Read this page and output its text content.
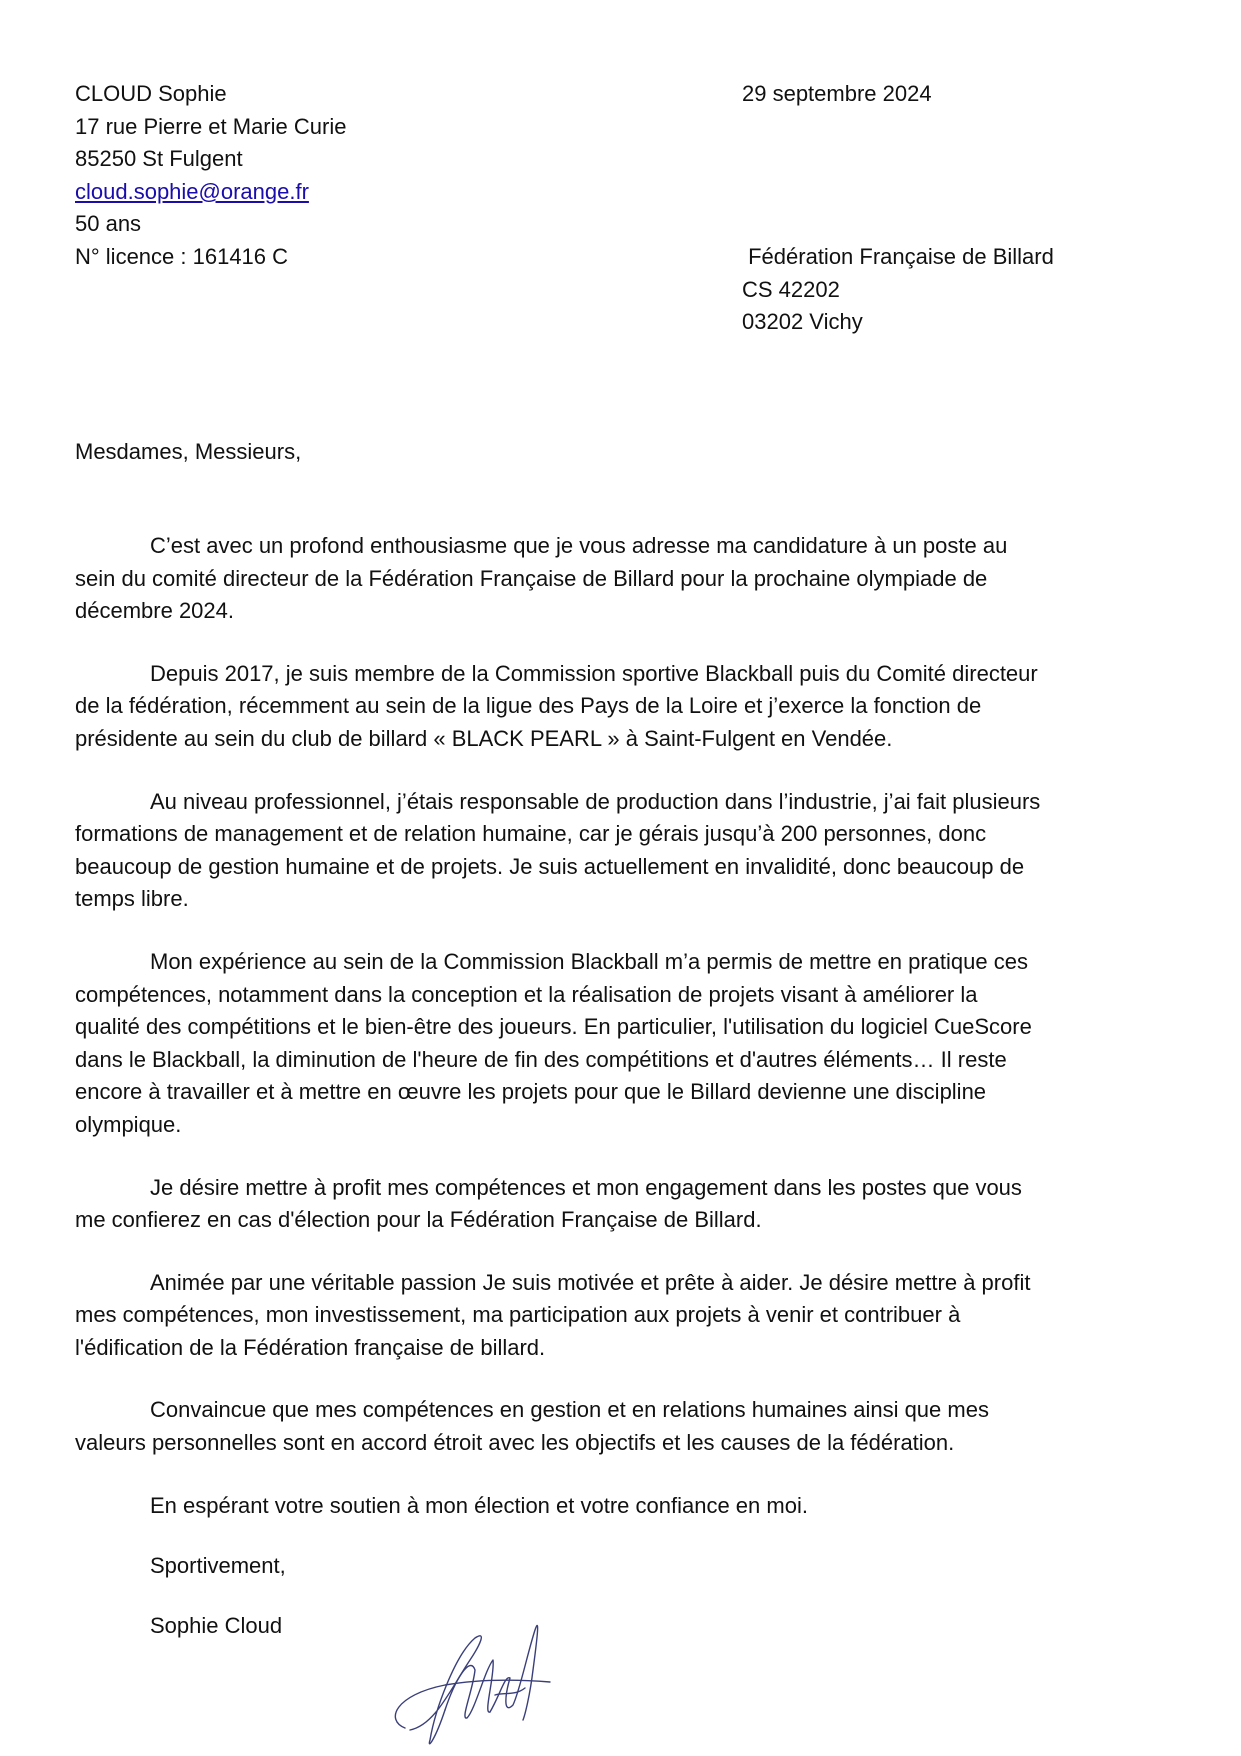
CLOUD Sophie
17 rue Pierre et Marie Curie
85250 St Fulgent
cloud.sophie@orange.fr
50 ans
N° licence : 161416 C
29 septembre 2024
Fédération Française de Billard
CS 42202
03202 Vichy

Mesdames, Messieurs,

C’est avec un profond enthousiasme que je vous adresse ma candidature à un poste au

sein du comité directeur de la Fédération Française de Billard pour la prochaine olympiade de

décembre 2024.

Depuis 2017, je suis membre de la Commission sportive Blackball puis du Comité directeur

de la fédération, récemment au sein de la ligue des Pays de la Loire et j’exerce la fonction de

présidente au sein du club de billard « BLACK PEARL » à Saint-Fulgent en Vendée.

Au niveau professionnel, j’étais responsable de production dans l’industrie, j’ai fait plusieurs

formations de management et de relation humaine, car je gérais jusqu’à 200 personnes, donc

beaucoup de gestion humaine et de projets. Je suis actuellement en invalidité, donc beaucoup de

temps libre.

Mon expérience au sein de la Commission Blackball m’a permis de mettre en pratique ces

compétences, notamment dans la conception et la réalisation de projets visant à améliorer la

qualité des compétitions et le bien-être des joueurs. En particulier, l'utilisation du logiciel CueScore

dans le Blackball, la diminution de l'heure de fin des compétitions et d'autres éléments… Il reste

encore à travailler et à mettre en œuvre les projets pour que le Billard devienne une discipline

olympique.

Je désire mettre à profit mes compétences et mon engagement dans les postes que vous

me confierez en cas d'élection pour la Fédération Française de Billard.

Animée par une véritable passion Je suis motivée et prête à aider. Je désire mettre à profit

mes compétences, mon investissement, ma participation aux projets à venir et contribuer à

l'édification de la Fédération française de billard.

Convaincue que mes compétences en gestion et en relations humaines ainsi que mes

valeurs personnelles sont en accord étroit avec les objectifs et les causes de la fédération.

En espérant votre soutien à mon élection et votre confiance en moi.

Sportivement,

Sophie Cloud
